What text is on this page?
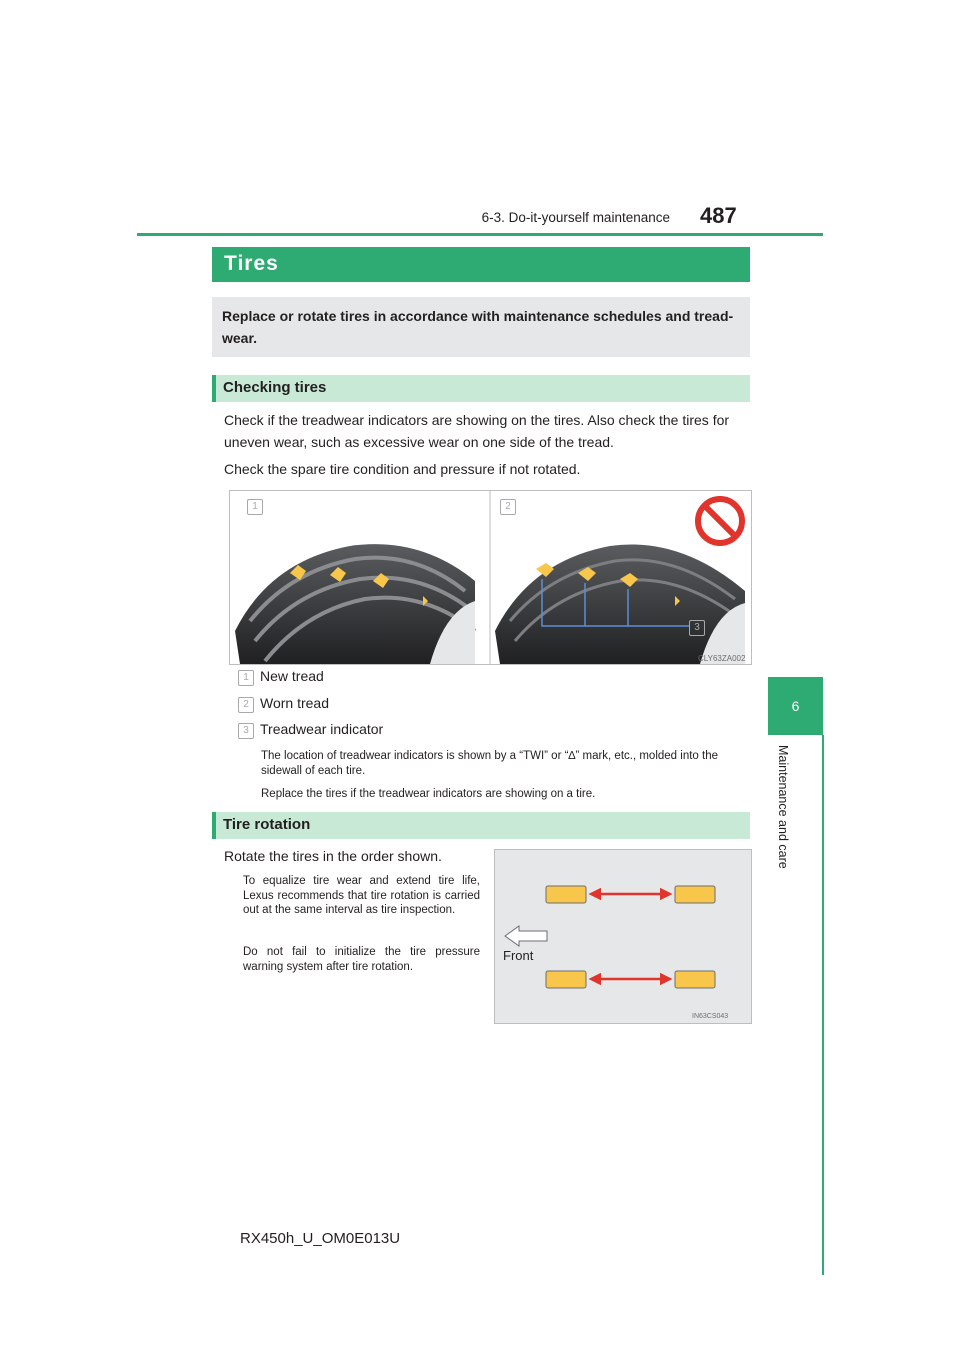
6-3. Do-it-yourself maintenance 487
6
Maintenance and care
Tires
Replace or rotate tires in accordance with maintenance schedules and tread-wear.
Checking tires
Check if the treadwear indicators are showing on the tires. Also check the tires for uneven wear, such as excessive wear on one side of the tread.
Check the spare tire condition and pressure if not rotated.
CLY63ZA002
1	2
3
1 New tread
2 Worn tread
3 Treadwear indicator
The location of treadwear indicators is shown by a “TWI” or “∆” mark, etc., molded into the sidewall of each tire.
Replace the tires if the treadwear indicators are showing on a tire.
Tire rotation
Rotate the tires in the order shown.
To equalize tire wear and extend tire life, Lexus recommends that tire rotation is carried out at the same interval as tire inspection.
Do not fail to initialize the tire pressure warning system after tire rotation.
Front
IN63CS043
RX450h_U_OM0E013U
